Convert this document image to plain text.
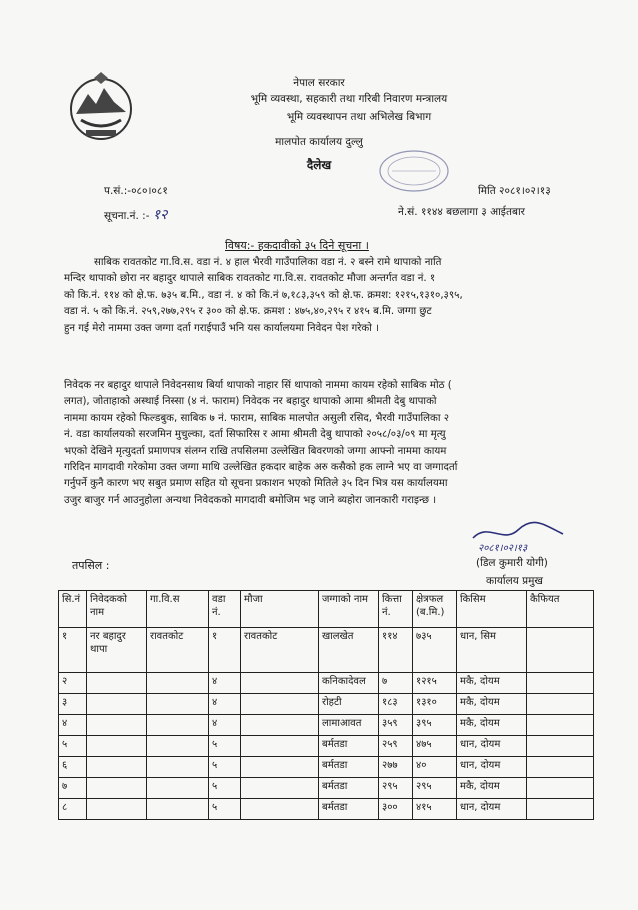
नेपाल सरकार
भूमि व्यवस्था, सहकारी तथा गरिबी निवारण मन्त्रालय
भूमि व्यवस्थापन तथा अभिलेख बिभाग
मालपोत कार्यालय दुल्लु
दैलेख
प.सं.:-०८०।०८१
सूचना.नं. :- १२
मिति २०८१।०२।१३
ने.सं. ११४४ बछलागा ३ आईतबार
विषय:- हकदावीको ३५ दिने सूचना ।
साबिक रावतकोट गा.वि.स. वडा नं. ४ हाल भैरवी गाउँपालिका वडा नं. २ बस्ने रामे थापाको नाति
मन्दिर थापाको छोरा नर बहादुर थापाले साबिक रावतकोट गा.वि.स. रावतकोट मौजा अन्तर्गत वडा नं. १
को कि.नं. ११४ को क्षे.फ. ७३५ ब.मि., वडा नं. ४ को कि.नं ७,१८३,३५९ को क्षे.फ. क्रमश: १२१५,१३१०,३९५,
वडा नं. ५ को कि.नं. २५९,२७७,२९५ र ३०० को क्षे.फ. क्रमश : ४७५,४०,२९५ र ४१५ ब.मि. जग्गा छुट
हुन गई मेरो नाममा उक्त जग्गा दर्ता गराईपाउँ भनि यस कार्यालयमा निवेदन पेश गरेको ।
निवेदक नर बहादुर थापाले निवेदनसाथ बिर्या थापाको नाहार सिं थापाको नाममा कायम रहेको साबिक मोठ (
लगत), जोताहाको अस्थाई निस्सा (४ नं. फाराम) निवेदक नर बहादुर थापाको आमा श्रीमती देबु थापाको
नाममा कायम रहेको फिल्डबुक, साबिक ७ नं. फाराम, साबिक मालपोत असुली रसिद, भैरवी गाउँपालिका २
नं. वडा कार्यालयको सरजमिन मुचुल्का, दर्ता सिफारिस र आमा श्रीमती देबु थापाको २०५८/०३/०९ मा मृत्यु
भएको देखिने मृत्युदर्ता प्रमाणपत्र संलग्न राखि तपसिलमा उल्लेखित बिवरणको जग्गा आफ्नो नाममा कायम
गरिदिन मागदावी गरेकोमा उक्त जग्गा माथि उल्लेखित हकदार बाहेक अरु कसैको हक लाग्ने भए वा जग्गादर्ता
गर्नुपर्ने कुनै कारण भए सबुत प्रमाण सहित यो सूचना प्रकाशन भएको मितिले ३५ दिन भित्र यस कार्यालयमा
उजुर बाजुर गर्न आउनुहोला अन्यथा निवेदकको मागदावी बमोजिम भइ जाने ब्यहोरा जानकारी गराइन्छ ।
२०८१।०२।१३
(डिल कुमारी योगी)
कार्यालय प्रमुख
तपसिल :
सि.नं	निवेदकको नाम	गा.वि.स	वडा नं.	मौजा	जग्गाको नाम	कित्ता नं.	क्षेत्रफल (ब.मि.)	किसिम	कैफियत
१	नर बहादुर थापा	रावतकोट	१	रावतकोट	खालखेत	११४	७३५	धान, सिम	
२			४		कनिकादेवल	७	१२१५	मकै, दोयम	
३			४		रोहटी	१८३	१३१०	मकै, दोयम	
४			४		लामाआवत	३५९	३९५	मकै, दोयम	
५			५		बर्मतडा	२५९	४७५	धान, दोयम	
६			५		बर्मतडा	२७७	४०	धान, दोयम	
७			५		बर्मतडा	२९५	२९५	मकै, दोयम	
८			५		बर्मतडा	३००	४१५	धान, दोयम	
